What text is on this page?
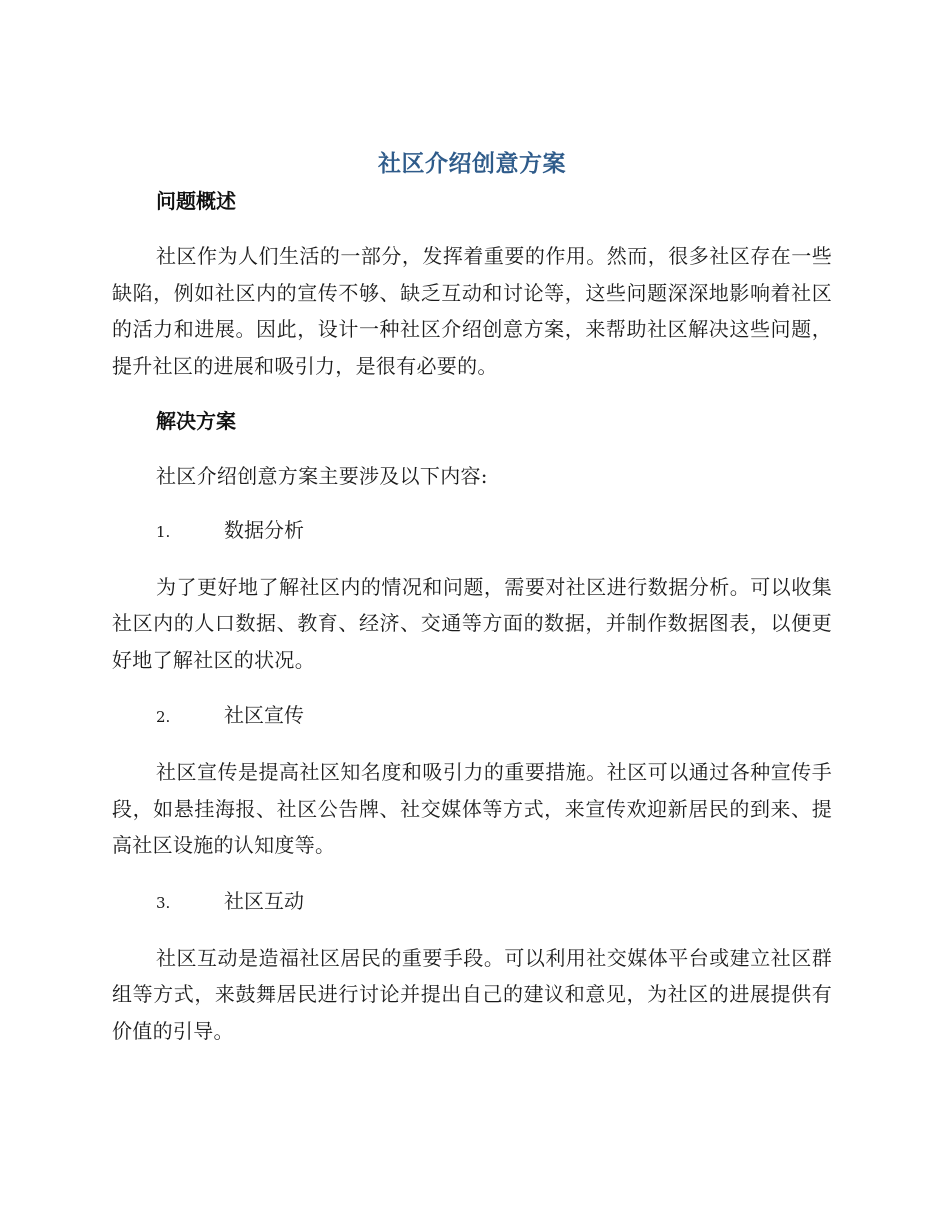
社区介绍创意方案
问题概述

社区作为人们生活的一部分，发挥着重要的作用。然而，很多社区存在一些缺陷，例如社区内的宣传不够、缺乏互动和讨论等，这些问题深深地影响着社区的活力和进展。因此，设计一种社区介绍创意方案，来帮助社区解决这些问题，提升社区的进展和吸引力，是很有必要的。

解决方案

社区介绍创意方案主要涉及以下内容:

1.	数据分析

为了更好地了解社区内的情况和问题，需要对社区进行数据分析。可以收集社区内的人口数据、教育、经济、交通等方面的数据，并制作数据图表，以便更好地了解社区的状况。

2.	社区宣传

社区宣传是提高社区知名度和吸引力的重要措施。社区可以通过各种宣传手段，如悬挂海报、社区公告牌、社交媒体等方式，来宣传欢迎新居民的到来、提高社区设施的认知度等。

3.	社区互动

社区互动是造福社区居民的重要手段。可以利用社交媒体平台或建立社区群组等方式，来鼓舞居民进行讨论并提出自己的建议和意见，为社区的进展提供有价值的引导。
